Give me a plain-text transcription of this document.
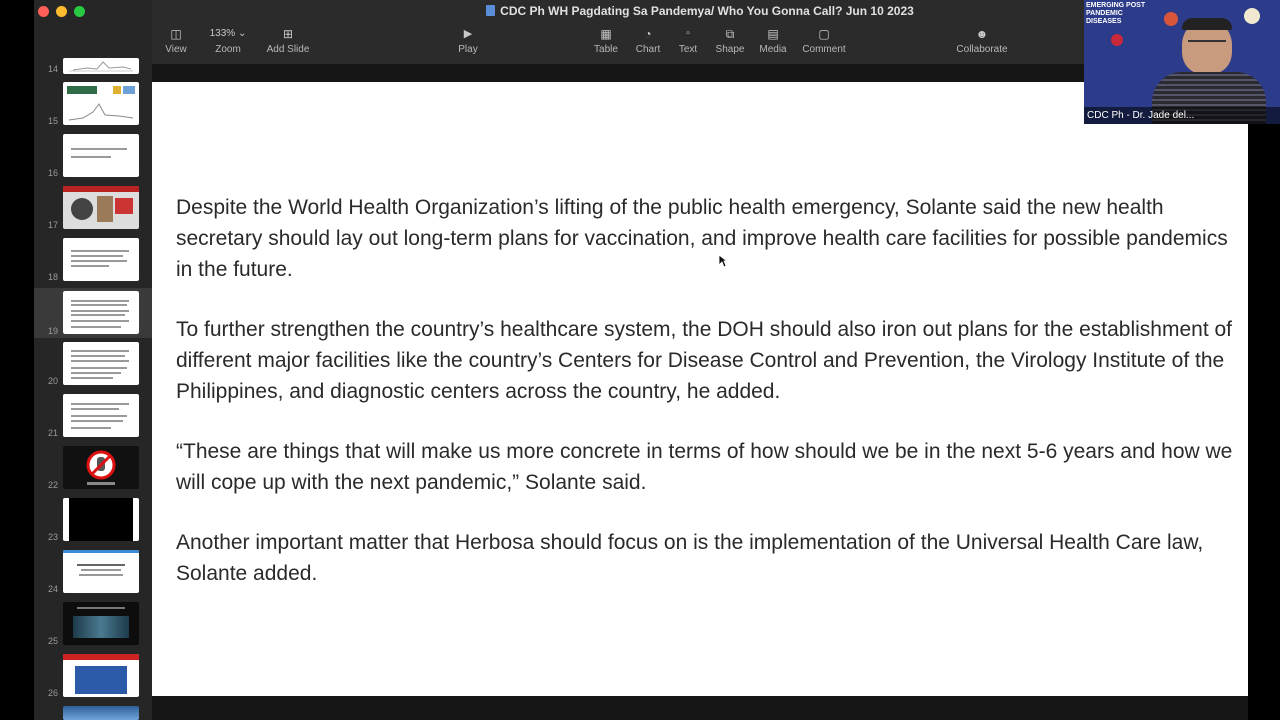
14
15
16
17
18
19
20
21
22
23
24
25
26
CDC Ph WH Pagdating Sa Pandemya/ Who You Gonna Call? Jun 10 2023
◫
View
133% ⌄
Zoom
⊞
Add Slide
▶
Play
▦
Table
◔
Chart
▫
Text
⧉
Shape
▤
Media
▢
Comment
☻
Collaborate

Despite the World Health Organization’s lifting of the public health emergency, Solante said the new health secretary should lay out long-term plans for vaccination, and improve health care facilities for possible pandemics in the future.

To further strengthen the country’s healthcare system, the DOH should also iron out plans for the establishment of different major facilities like the country’s Centers for Disease Control and Prevention, the Virology Institute of the Philippines, and diagnostic centers across the country, he added.

“These are things that will make us more concrete in terms of how should we be in the next 5-6 years and how we will cope up with the next pandemic,” Solante said.

Another important matter that Herbosa should focus on is the implementation of the Universal Health Care law, Solante added.

EMERGING POST PANDEMIC DISEASES
CDC Ph - Dr. Jade del...
